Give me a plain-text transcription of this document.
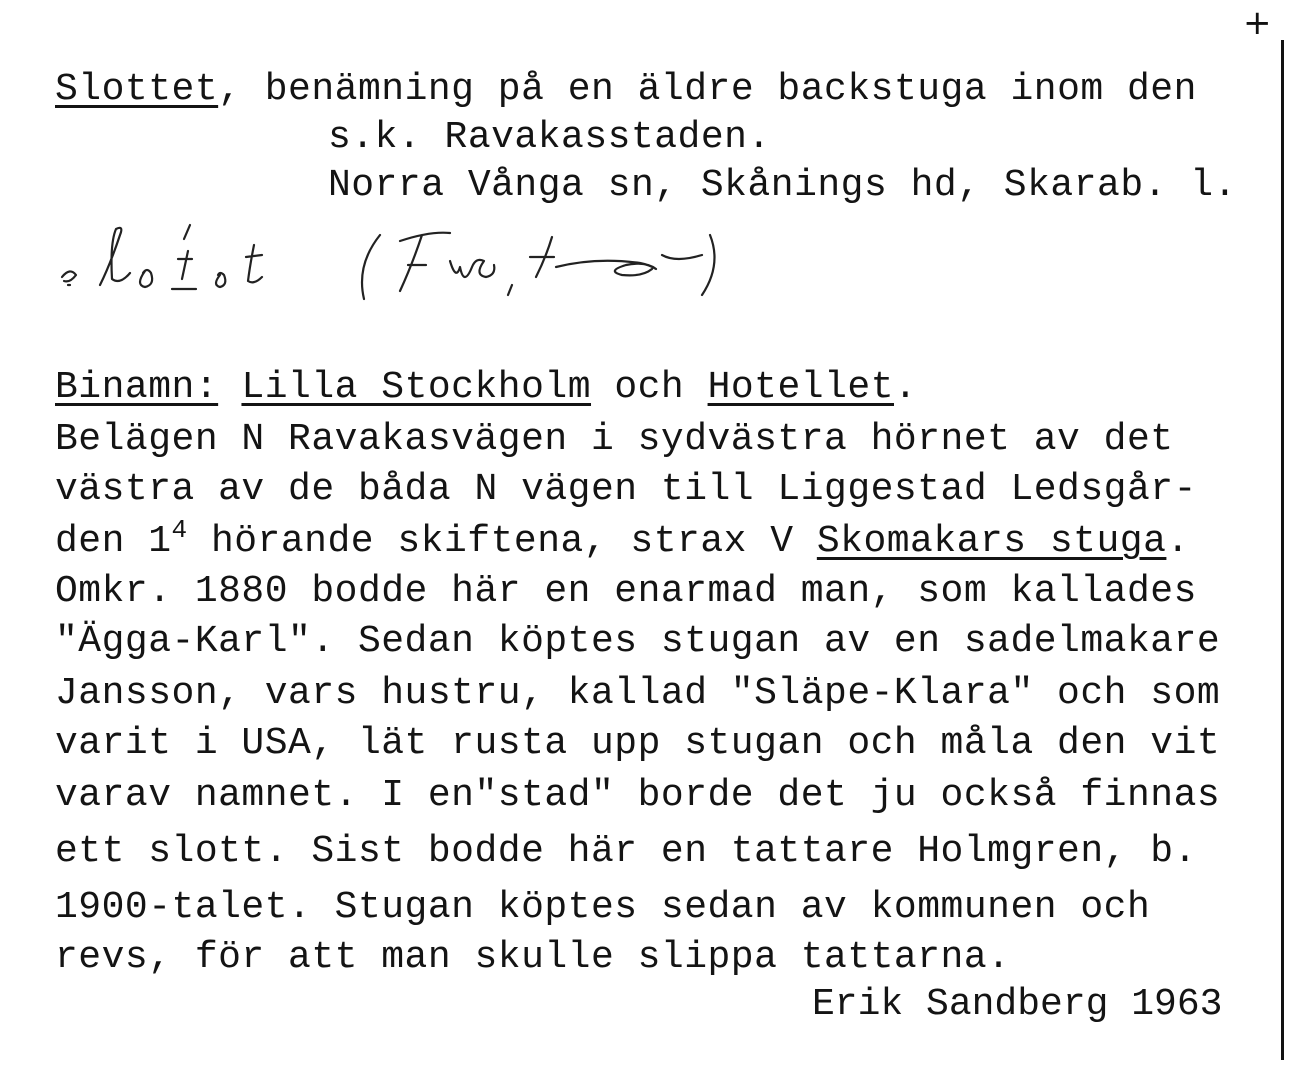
+
Slottet, benämning på en äldre backstuga inom den
s.k. Ravakasstaden.
Norra Vånga sn, Skånings hd, Skarab. l.
Binamn: Lilla Stockholm och Hotellet.
Belägen N Ravakasvägen i sydvästra hörnet av det
västra av de båda N vägen till Liggestad Ledsgår-
den $1^4$ hörande skiftena, strax V Skomakars stuga.
Omkr. 1880 bodde här en enarmad man, som kallades
"Ägga-Karl". Sedan köptes stugan av en sadelmakare
Jansson, vars hustru, kallad "Släpe-Klara" och som
varit i USA, lät rusta upp stugan och måla den vit
varav namnet. I en"stad" borde det ju också finnas
ett slott. Sist bodde här en tattare Holmgren, b.
1900-talet. Stugan köptes sedan av kommunen och
revs, för att man skulle slippa tattarna.
Erik Sandberg 1963
